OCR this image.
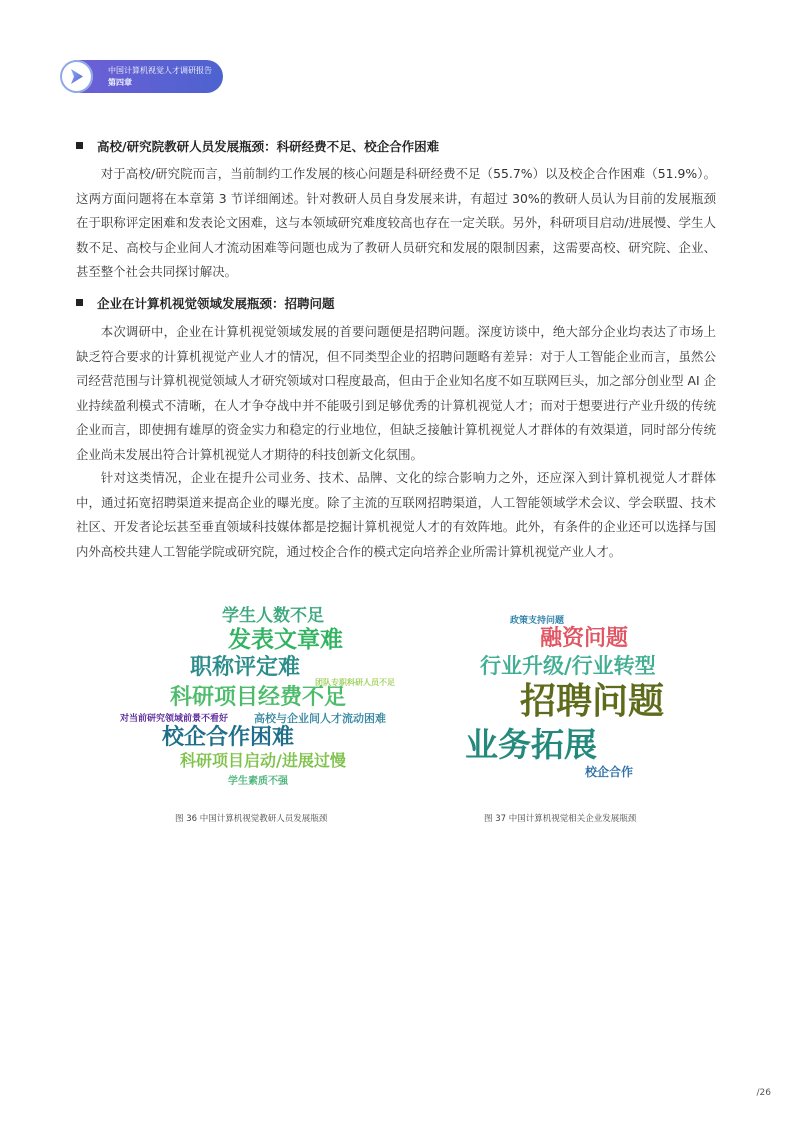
中国计算机视觉人才调研报告
第四章
高校/研究院教研人员发展瓶颈：科研经费不足、校企合作困难

对于高校/研究院而言，当前制约工作发展的核心问题是科研经费不足（55.7%）以及校企合作困难（51.9%）。这两方面问题将在本章第 3 节详细阐述。针对教研人员自身发展来讲，有超过 30%的教研人员认为目前的发展瓶颈在于职称评定困难和发表论文困难，这与本领域研究难度较高也存在一定关联。另外，科研项目启动/进展慢、学生人数不足、高校与企业间人才流动困难等问题也成为了教研人员研究和发展的限制因素，这需要高校、研究院、企业、甚至整个社会共同探讨解决。

企业在计算机视觉领域发展瓶颈：招聘问题

本次调研中，企业在计算机视觉领域发展的首要问题便是招聘问题。深度访谈中，绝大部分企业均表达了市场上缺乏符合要求的计算机视觉产业人才的情况，但不同类型企业的招聘问题略有差异：对于人工智能企业而言，虽然公司经营范围与计算机视觉领域人才研究领域对口程度最高，但由于企业知名度不如互联网巨头，加之部分创业型 AI 企业持续盈利模式不清晰，在人才争夺战中并不能吸引到足够优秀的计算机视觉人才；而对于想要进行产业升级的传统企业而言，即使拥有雄厚的资金实力和稳定的行业地位，但缺乏接触计算机视觉人才群体的有效渠道，同时部分传统企业尚未发展出符合计算机视觉人才期待的科技创新文化氛围。

针对这类情况，企业在提升公司业务、技术、品牌、文化的综合影响力之外，还应深入到计算机视觉人才群体中，通过拓宽招聘渠道来提高企业的曝光度。除了主流的互联网招聘渠道，人工智能领域学术会议、学会联盟、技术社区、开发者论坛甚至垂直领域科技媒体都是挖掘计算机视觉人才的有效阵地。此外，有条件的企业还可以选择与国内外高校共建人工智能学院或研究院，通过校企合作的模式定向培养企业所需计算机视觉产业人才。

学生人数不足
发表文章难
职称评定难
团队专职科研人员不足
科研项目经费不足
对当前研究领域前景不看好 高校与企业间人才流动困难
校企合作困难
科研项目启动/进展过慢
学生素质不强
图 36 中国计算机视觉教研人员发展瓶颈
政策支持问题
融资问题
行业升级/行业转型
招聘问题
业务拓展
校企合作
图 37 中国计算机视觉相关企业发展瓶颈
/26
